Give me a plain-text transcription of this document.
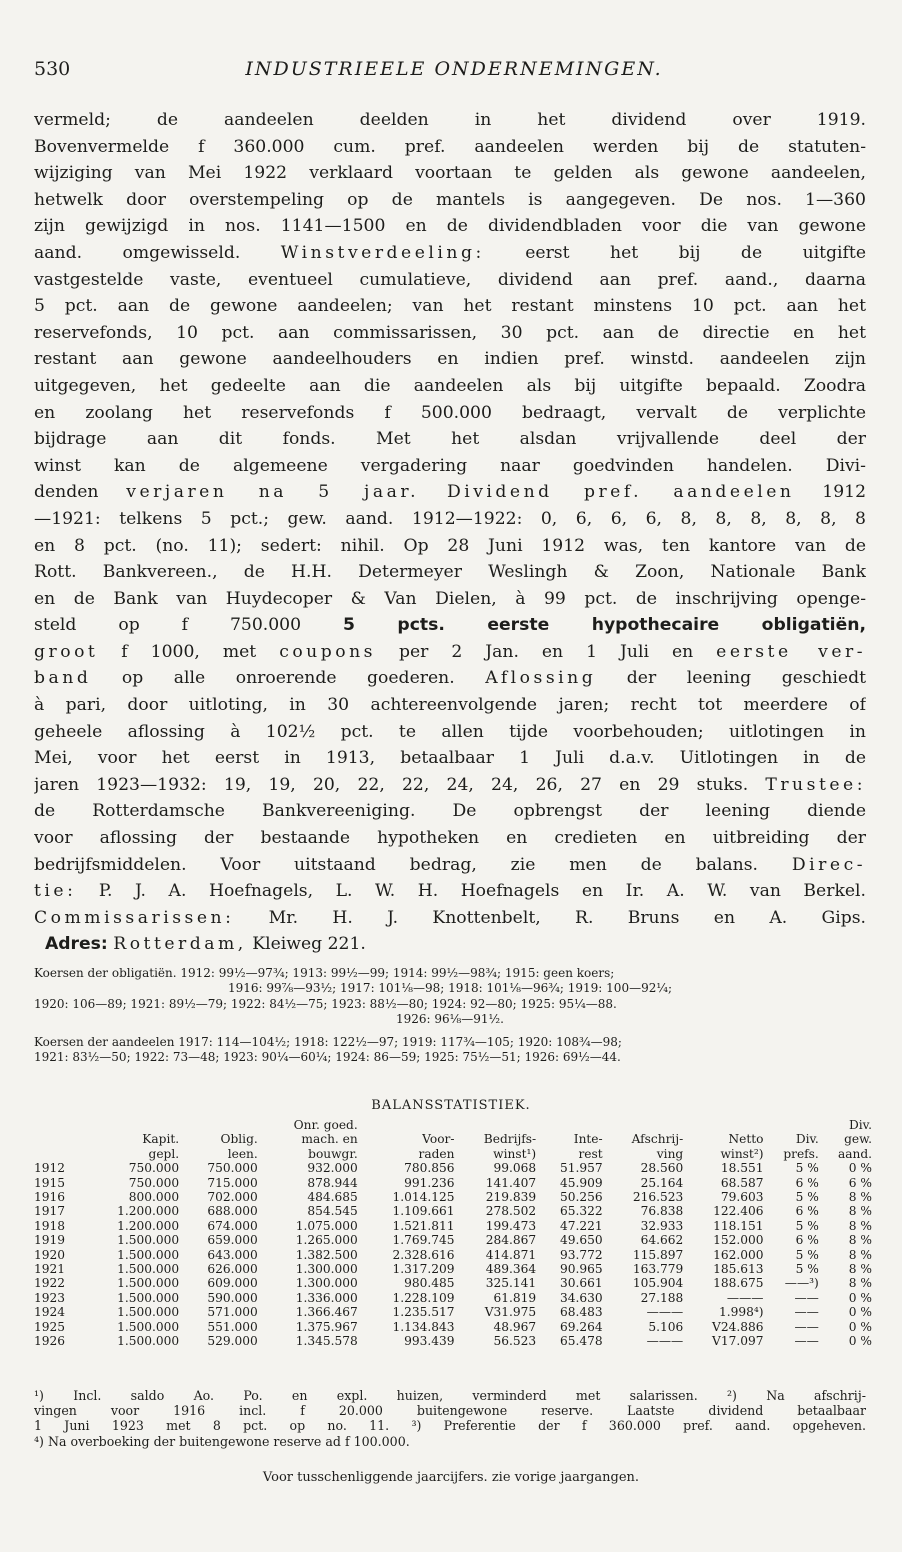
530	INDUSTRIEELE ONDERNEMINGEN.
vermeld; de aandeelen deelden in het dividend over 1919.
Bovenvermelde f 360.000 cum. pref. aandeelen werden bij de statuten-
wijziging van Mei 1922 verklaard voortaan te gelden als gewone aandeelen,
hetwelk door overstempeling op de mantels is aangegeven. De nos. 1—360
zijn gewijzigd in nos. 1141—1500 en de dividendbladen voor die van gewone
aand. omgewisseld. Winstverdeeling: eerst het bij de uitgifte
vastgestelde vaste, eventueel cumulatieve, dividend aan pref. aand., daarna
5 pct. aan de gewone aandeelen; van het restant minstens 10 pct. aan het
reservefonds, 10 pct. aan commissarissen, 30 pct. aan de directie en het
restant aan gewone aandeelhouders en indien pref. winstd. aandeelen zijn
uitgegeven, het gedeelte aan die aandeelen als bij uitgifte bepaald. Zoodra
en zoolang het reservefonds f 500.000 bedraagt, vervalt de verplichte
bijdrage aan dit fonds. Met het alsdan vrijvallende deel der
winst kan de algemeene vergadering naar goedvinden handelen. Divi-
denden verjaren na 5 jaar. Dividend pref. aandeelen 1912
—1921: telkens 5 pct.; gew. aand. 1912—1922: 0, 6, 6, 6, 8, 8, 8, 8, 8, 8
en 8 pct. (no. 11); sedert: nihil. Op 28 Juni 1912 was, ten kantore van de
Rott. Bankvereen., de H.H. Determeyer Weslingh & Zoon, Nationale Bank
en de Bank van Huydecoper & Van Dielen, à 99 pct. de inschrijving openge-
steld op f 750.000 5 pcts. eerste hypothecaire obligatiën,
groot f 1000, met coupons per 2 Jan. en 1 Juli en eerste ver-
band op alle onroerende goederen. Aflossing der leening geschiedt
à pari, door uitloting, in 30 achtereenvolgende jaren; recht tot meerdere of
geheele aflossing à 102½ pct. te allen tijde voorbehouden; uitlotingen in
Mei, voor het eerst in 1913, betaalbaar 1 Juli d.a.v. Uitlotingen in de
jaren 1923—1932: 19, 19, 20, 22, 22, 24, 24, 26, 27 en 29 stuks. Trustee:
de Rotterdamsche Bankvereeniging. De opbrengst der leening diende
voor aflossing der bestaande hypotheken en credieten en uitbreiding der
bedrijfsmiddelen. Voor uitstaand bedrag, zie men de balans. Direc-
tie: P. J. A. Hoefnagels, L. W. H. Hoefnagels en Ir. A. W. van Berkel.
Commissarissen: Mr. H. J. Knottenbelt, R. Bruns en A. Gips.
Adres: Rotterdam, Kleiweg 221.
Koersen der obligatiën. 1912: 99½—97¾; 1913: 99½—99; 1914: 99½—98¾; 1915: geen koers;
1916: 99⅞—93½; 1917: 101⅛—98; 1918: 101⅛—96¾; 1919: 100—92¼;
1920: 106—89; 1921: 89½—79; 1922: 84½—75; 1923: 88½—80; 1924: 92—80; 1925: 95¼—88.
1926: 96⅛—91½.
Koersen der aandeelen 1917: 114—104½; 1918: 122½—97; 1919: 117¾—105; 1920: 108¾—98;
1921: 83½—50; 1922: 73—48; 1923: 90¼—60¼; 1924: 86—59; 1925: 75½—51; 1926: 69½—44.
BALANSSTATISTIEK.
			Onr. goed.							Div.
	Kapit.	Oblig.	mach. en	Voor-	Bedrijfs-	Inte-	Afschrij-	Netto	Div.	gew.
	gepl.	leen.	bouwgr.	raden	winst¹)	rest	ving	winst²)	prefs.	aand.
1912	750.000	750.000	932.000	780.856	99.068	51.957	28.560	18.551	5 %	0 %
1915	750.000	715.000	878.944	991.236	141.407	45.909	25.164	68.587	6 %	6 %
1916	800.000	702.000	484.685	1.014.125	219.839	50.256	216.523	79.603	5 %	8 %
1917	1.200.000	688.000	854.545	1.109.661	278.502	65.322	76.838	122.406	6 %	8 %
1918	1.200.000	674.000	1.075.000	1.521.811	199.473	47.221	32.933	118.151	5 %	8 %
1919	1.500.000	659.000	1.265.000	1.769.745	284.867	49.650	64.662	152.000	6 %	8 %
1920	1.500.000	643.000	1.382.500	2.328.616	414.871	93.772	115.897	162.000	5 %	8 %
1921	1.500.000	626.000	1.300.000	1.317.209	489.364	90.965	163.779	185.613	5 %	8 %
1922	1.500.000	609.000	1.300.000	980.485	325.141	30.661	105.904	188.675	——³)	8 %
1923	1.500.000	590.000	1.336.000	1.228.109	61.819	34.630	27.188	———	——	0 %
1924	1.500.000	571.000	1.366.467	1.235.517	V31.975	68.483	———	1.998⁴)	——	0 %
1925	1.500.000	551.000	1.375.967	1.134.843	48.967	69.264	5.106	V24.886	——	0 %
1926	1.500.000	529.000	1.345.578	993.439	56.523	65.478	———	V17.097	——	0 %
¹) Incl. saldo Ao. Po. en expl. huizen, verminderd met salarissen. ²) Na afschrij-
vingen voor 1916 incl. f 20.000 buitengewone reserve. Laatste dividend betaalbaar
1 Juni 1923 met 8 pct. op no. 11. ³) Preferentie der f 360.000 pref. aand. opgeheven.
⁴) Na overboeking der buitengewone reserve ad f 100.000.
Voor tusschenliggende jaarcijfers. zie vorige jaargangen.
